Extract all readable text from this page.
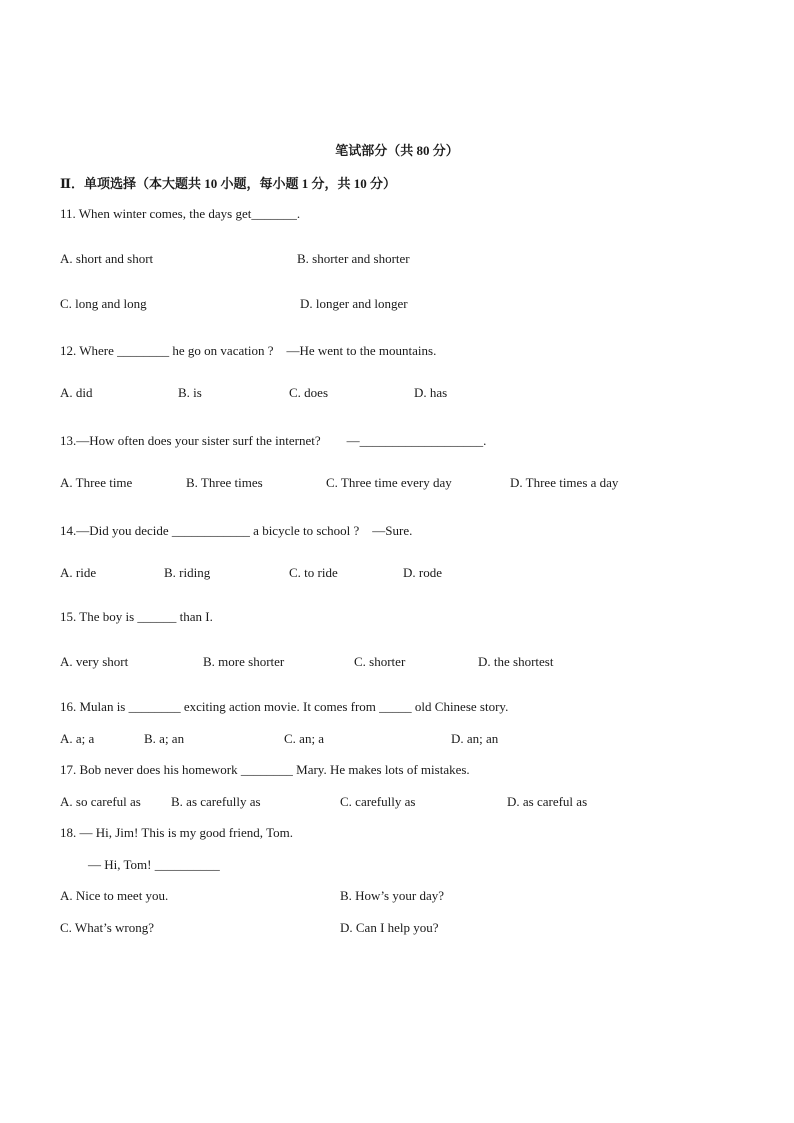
笔试部分（共 80 分）
Ⅱ．单项选择（本大题共 10 小题，每小题 1 分，共 10 分）
11. When winter comes, the days get_______.
A. short and short	B. shorter and shorter
C. long and long	D. longer and longer
12. Where ________ he go on vacation ?　—He went to the mountains.
A. did	B. is	C. does	D. has
13.—How often does your sister surf the internet?　　—___________________.
A. Three time	B. Three times	C. Three time every day	D. Three times a day
14.—Did you decide ____________ a bicycle to school ?　—Sure.
A. ride	B. riding	C. to ride	D. rode
15. The boy is ______ than I.
A. very short	B. more shorter	C. shorter	D. the shortest
16. Mulan is ________ exciting action movie. It comes from _____ old Chinese story.
A. a; a	B. a; an	C. an; a	D. an; an
17. Bob never does his homework ________ Mary. He makes lots of mistakes.
A. so careful as B. as carefully as	C. carefully as	D. as careful as
18. — Hi, Jim! This is my good friend, Tom.
— Hi, Tom! __________
A. Nice to meet you.	B. How’s your day?
C. What’s wrong?	D. Can I help you?
